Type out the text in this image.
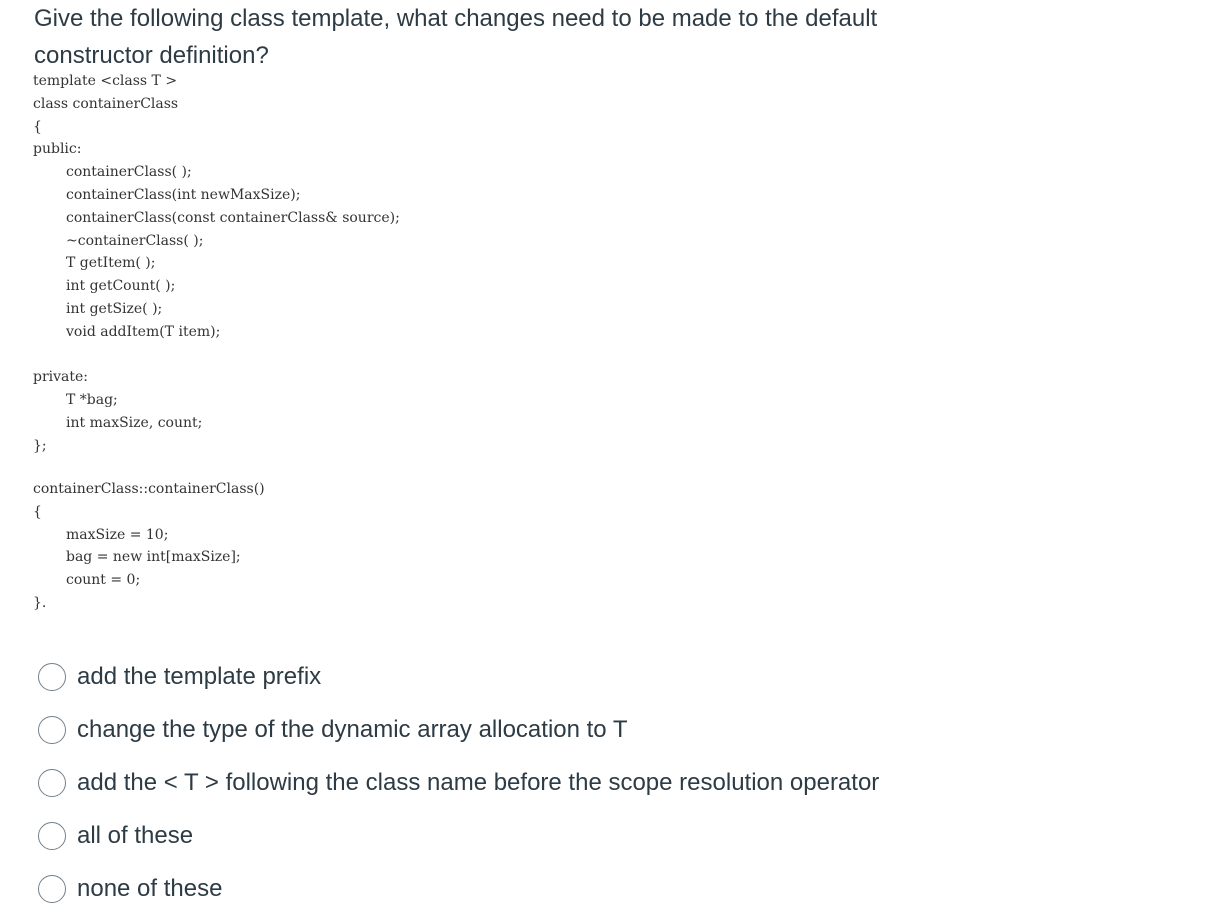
Give the following class template, what changes need to be made to the default constructor definition?
template <class T >
class containerClass
{
public:
containerClass( );
containerClass(int newMaxSize);
containerClass(const containerClass& source);
~containerClass( );
T getItem( );
int getCount( );
int getSize( );
void addItem(T item);
private:
T *bag;
int maxSize, count;
};
containerClass::containerClass()
{
maxSize = 10;
bag = new int[maxSize];
count = 0;
}.
add the template prefix
change the type of the dynamic array allocation to T
add the < T > following the class name before the scope resolution operator
all of these
none of these
